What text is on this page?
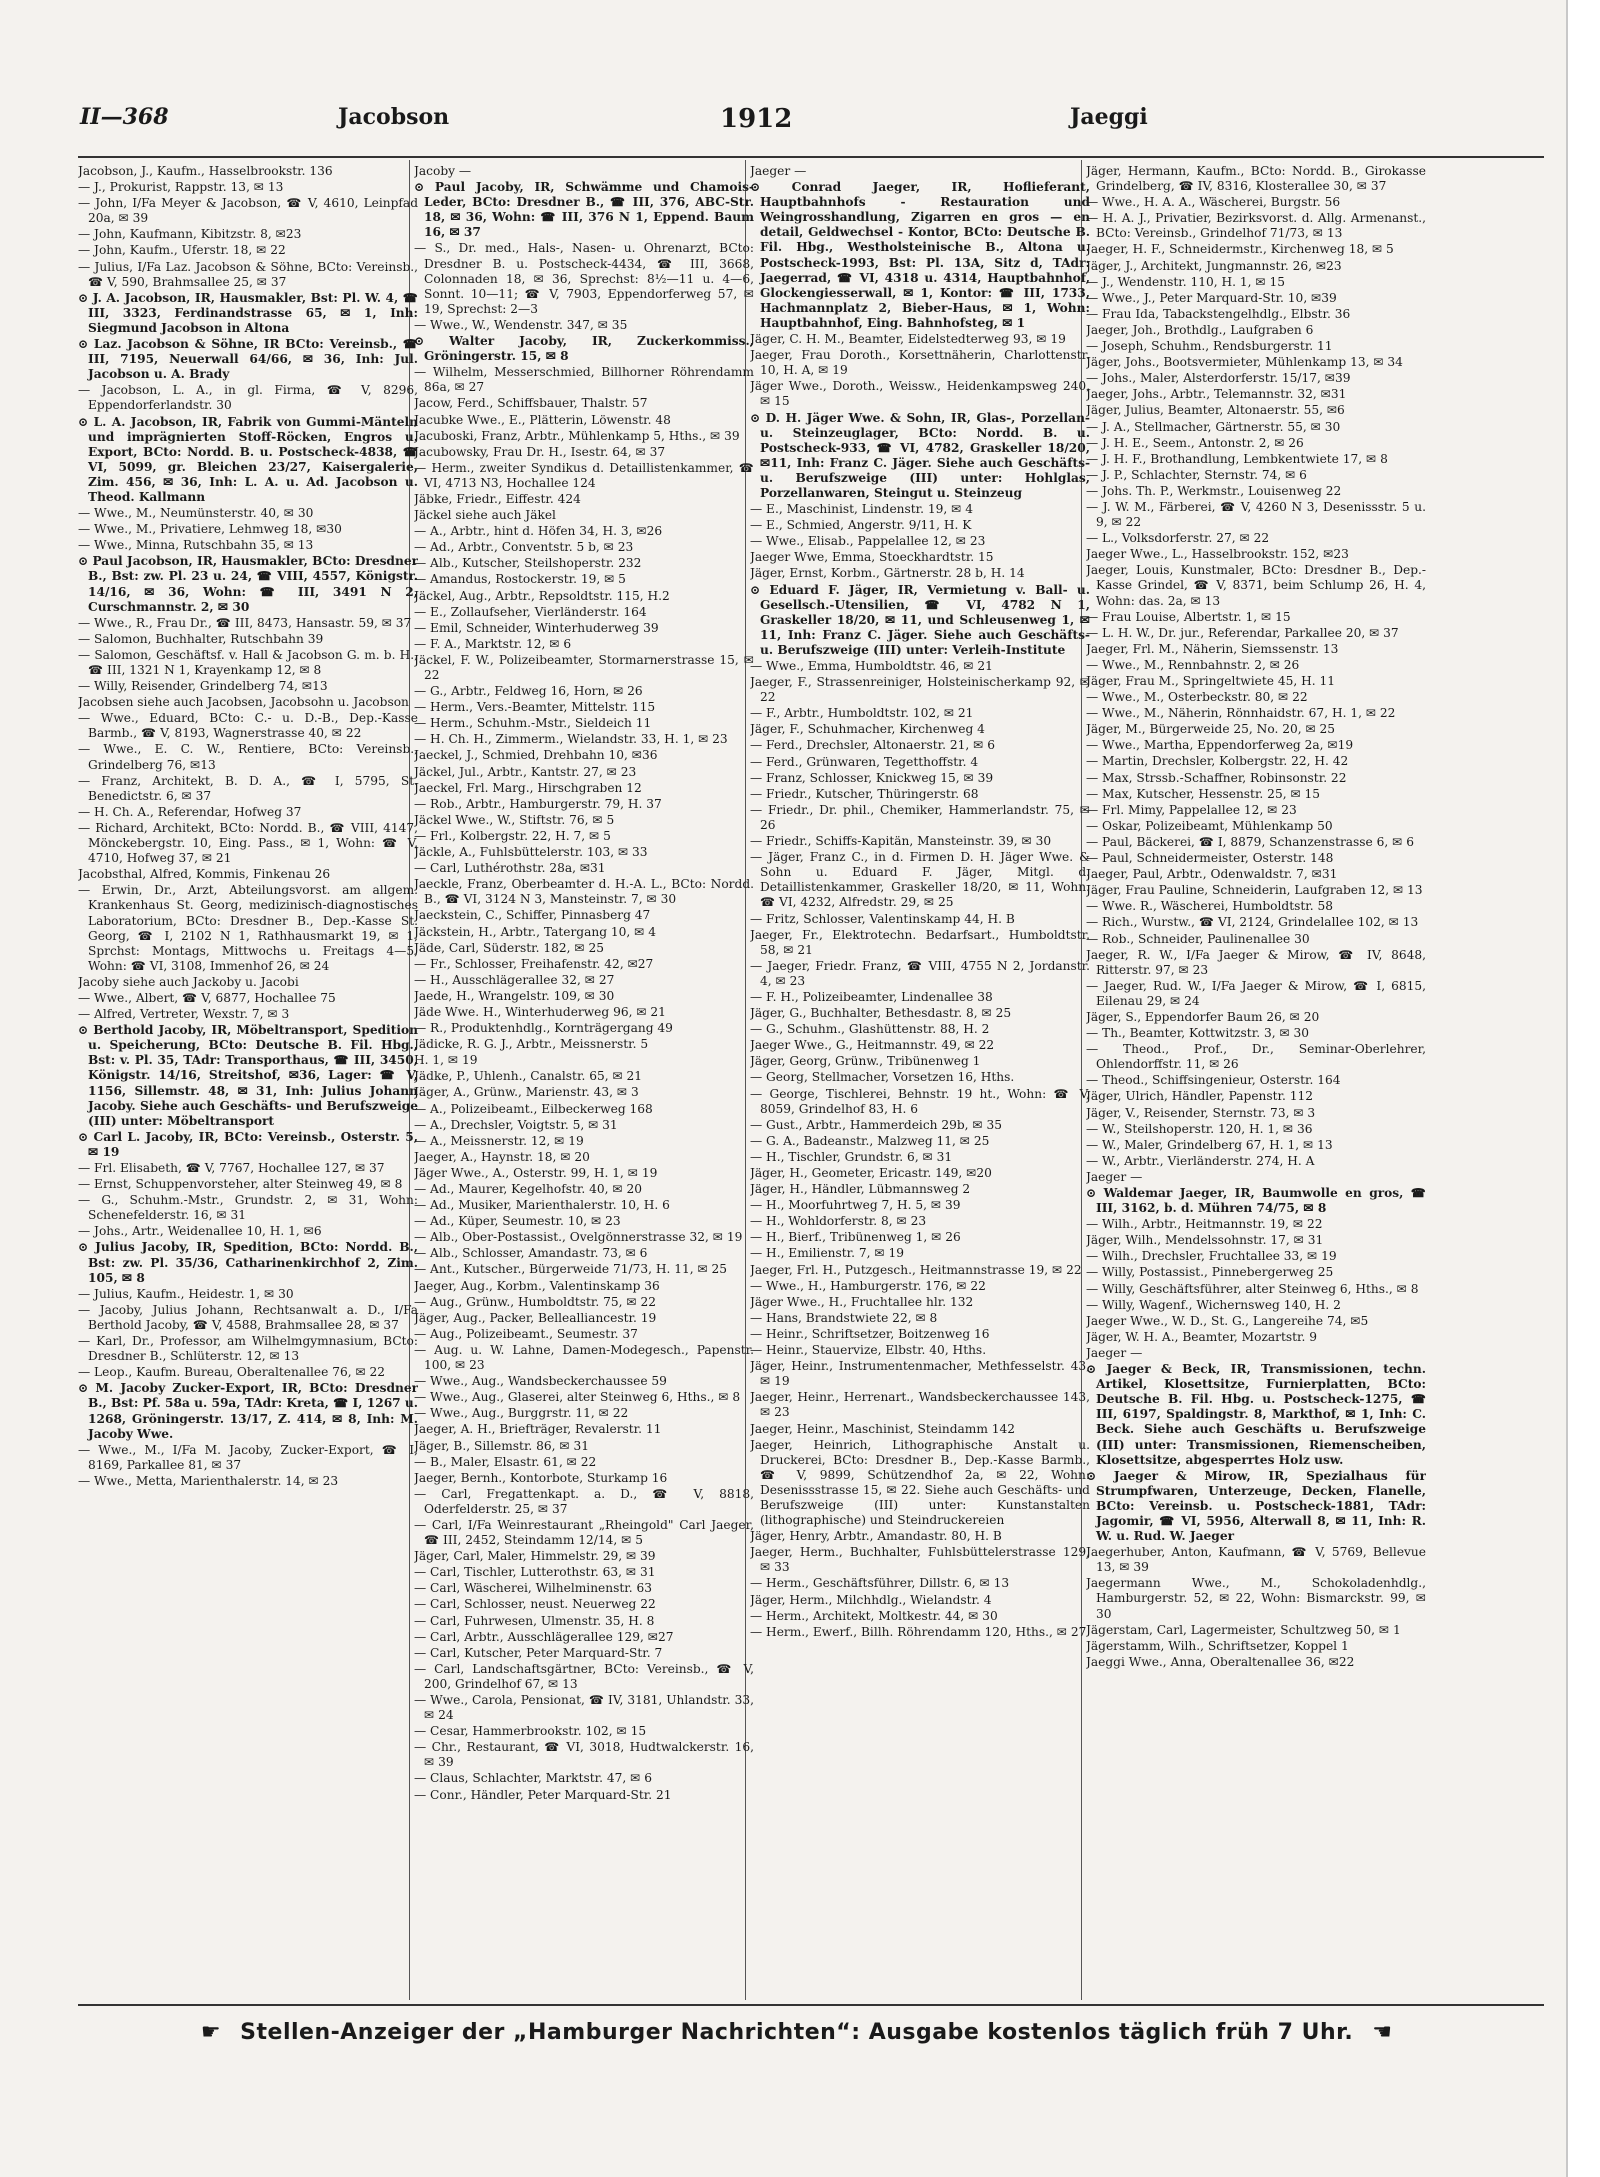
II—368	Jacobson	1912	Jaeggi
Jacobson, J., Kaufm., Hasselbrookstr. 136
— J., Prokurist, Rappstr. 13, ✉ 13
— John, I/Fa Meyer & Jacobson, ☎ V, 4610, Leinpfad 20a, ✉ 39
— John, Kaufmann, Kibitzstr. 8, ✉23
— John, Kaufm., Uferstr. 18, ✉ 22
— Julius, I/Fa Laz. Jacobson & Söhne, BCto: Vereinsb., ☎ V, 590, Brahmsallee 25, ✉ 37
⊙ J. A. Jacobson, IR, Hausmakler, Bst: Pl. W. 4, ☎ III, 3323, Ferdinandstrasse 65, ✉ 1, Inh: Siegmund Jacobson in Altona
⊙ Laz. Jacobson & Söhne, IR BCto: Vereinsb., ☎ III, 7195, Neuerwall 64/66, ✉ 36, Inh: Jul. Jacobson u. A. Brady
— Jacobson, L. A., in gl. Firma, ☎ V, 8296, Eppendorferlandstr. 30
⊙ L. A. Jacobson, IR, Fabrik von Gummi-Mänteln und imprägnierten Stoff-Röcken, Engros u. Export, BCto: Nordd. B. u. Postscheck-4838, ☎ VI, 5099, gr. Bleichen 23/27, Kaisergalerie, Zim. 456, ✉ 36, Inh: L. A. u. Ad. Jacobson u. Theod. Kallmann
— Wwe., M., Neumünsterstr. 40, ✉ 30
— Wwe., M., Privatiere, Lehmweg 18, ✉30
— Wwe., Minna, Rutschbahn 35, ✉ 13
⊙ Paul Jacobson, IR, Hausmakler, BCto: Dresdner B., Bst: zw. Pl. 23 u. 24, ☎ VIII, 4557, Königstr. 14/16, ✉ 36, Wohn: ☎ III, 3491 N 2, Curschmannstr. 2, ✉ 30
— Wwe., R., Frau Dr., ☎ III, 8473, Hansastr. 59, ✉ 37
— Salomon, Buchhalter, Rutschbahn 39
— Salomon, Geschäftsf. v. Hall & Jacobson G. m. b. H., ☎ III, 1321 N 1, Krayenkamp 12, ✉ 8
— Willy, Reisender, Grindelberg 74, ✉13
Jacobsen siehe auch Jacobsen, Jacobsohn u. Jacobson
— Wwe., Eduard, BCto: C.- u. D.-B., Dep.-Kasse Barmb., ☎ V, 8193, Wagnerstrasse 40, ✉ 22
— Wwe., E. C. W., Rentiere, BCto: Vereinsb., Grindelberg 76, ✉13
— Franz, Architekt, B. D. A., ☎ I, 5795, St. Benedictstr. 6, ✉ 37
— H. Ch. A., Referendar, Hofweg 37
— Richard, Architekt, BCto: Nordd. B., ☎ VIII, 4147, Mönckebergstr. 10, Eing. Pass., ✉ 1, Wohn: ☎ V, 4710, Hofweg 37, ✉ 21
Jacobsthal, Alfred, Kommis, Finkenau 26
— Erwin, Dr., Arzt, Abteilungsvorst. am allgem. Krankenhaus St. Georg, medizinisch-diagnostisches Laboratorium, BCto: Dresdner B., Dep.-Kasse St. Georg, ☎ I, 2102 N 1, Rathhausmarkt 19, ✉ 1, Sprchst: Montags, Mittwochs u. Freitags 4—5, Wohn: ☎ VI, 3108, Immenhof 26, ✉ 24
Jacoby siehe auch Jackoby u. Jacobi
— Wwe., Albert, ☎ V, 6877, Hochallee 75
— Alfred, Vertreter, Wexstr. 7, ✉ 3
⊙ Berthold Jacoby, IR, Möbeltransport, Spedition u. Speicherung, BCto: Deutsche B. Fil. Hbg., Bst: v. Pl. 35, TAdr: Transporthaus, ☎ III, 3450, Königstr. 14/16, Streitshof, ✉36, Lager: ☎ V, 1156, Sillemstr. 48, ✉ 31, Inh: Julius Johann Jacoby. Siehe auch Geschäfts- und Berufszweige (III) unter: Möbeltransport
⊙ Carl L. Jacoby, IR, BCto: Vereinsb., Osterstr. 5, ✉ 19
— Frl. Elisabeth, ☎ V, 7767, Hochallee 127, ✉ 37
— Ernst, Schuppenvorsteher, alter Steinweg 49, ✉ 8
— G., Schuhm.-Mstr., Grundstr. 2, ✉ 31, Wohn: Schenefelderstr. 16, ✉ 31
— Johs., Artr., Weidenallee 10, H. 1, ✉6
⊙ Julius Jacoby, IR, Spedition, BCto: Nordd. B., Bst: zw. Pl. 35/36, Catharinenkirchhof 2, Zim. 105, ✉ 8
— Julius, Kaufm., Heidestr. 1, ✉ 30
— Jacoby, Julius Johann, Rechtsanwalt a. D., I/Fa Berthold Jacoby, ☎ V, 4588, Brahmsallee 28, ✉ 37
— Karl, Dr., Professor, am Wilhelmgymnasium, BCto: Dresdner B., Schlüterstr. 12, ✉ 13
— Leop., Kaufm. Bureau, Oberaltenallee 76, ✉ 22
⊙ M. Jacoby Zucker-Export, IR, BCto: Dresdner B., Bst: Pf. 58a u. 59a, TAdr: Kreta, ☎ I, 1267 u. 1268, Gröningerstr. 13/17, Z. 414, ✉ 8, Inh: M. Jacoby Wwe.
— Wwe., M., I/Fa M. Jacoby, Zucker-Export, ☎ I, 8169, Parkallee 81, ✉ 37
— Wwe., Metta, Marienthalerstr. 14, ✉ 23
Jacoby —
⊙ Paul Jacoby, IR, Schwämme und Chamois-Leder, BCto: Dresdner B., ☎ III, 376, ABC-Str. 18, ✉ 36, Wohn: ☎ III, 376 N 1, Eppend. Baum 16, ✉ 37
— S., Dr. med., Hals-, Nasen- u. Ohrenarzt, BCto: Dresdner B. u. Postscheck-4434, ☎ III, 3668, Colonnaden 18, ✉ 36, Sprechst: 8½—11 u. 4—6, Sonnt. 10—11; ☎ V, 7903, Eppendorferweg 57, ✉ 19, Sprechst: 2—3
— Wwe., W., Wendenstr. 347, ✉ 35
⊙ Walter Jacoby, IR, Zuckerkommiss., Gröningerstr. 15, ✉ 8
— Wilhelm, Messerschmied, Billhorner Röhrendamm 86a, ✉ 27
Jacow, Ferd., Schiffsbauer, Thalstr. 57
Jacubke Wwe., E., Plätterin, Löwenstr. 48
Jacuboski, Franz, Arbtr., Mühlenkamp 5, Hths., ✉ 39
Jacubowsky, Frau Dr. H., Isestr. 64, ✉ 37
— Herm., zweiter Syndikus d. Detaillistenkammer, ☎ VI, 4713 N3, Hochallee 124
Jäbke, Friedr., Eiffestr. 424
Jäckel siehe auch Jäkel
— A., Arbtr., hint d. Höfen 34, H. 3, ✉26
— Ad., Arbtr., Conventstr. 5 b, ✉ 23
— Alb., Kutscher, Steilshoperstr. 232
— Amandus, Rostockerstr. 19, ✉ 5
Jäckel, Aug., Arbtr., Repsoldtstr. 115, H.2
— E., Zollaufseher, Vierländerstr. 164
— Emil, Schneider, Winterhuderweg 39
— F. A., Marktstr. 12, ✉ 6
Jäckel, F. W., Polizeibeamter, Stormarnerstrasse 15, ✉ 22
— G., Arbtr., Feldweg 16, Horn, ✉ 26
— Herm., Vers.-Beamter, Mittelstr. 115
— Herm., Schuhm.-Mstr., Sieldeich 11
— H. Ch. H., Zimmerm., Wielandstr. 33, H. 1, ✉ 23
Jaeckel, J., Schmied, Drehbahn 10, ✉36
Jäckel, Jul., Arbtr., Kantstr. 27, ✉ 23
Jaeckel, Frl. Marg., Hirschgraben 12
— Rob., Arbtr., Hamburgerstr. 79, H. 37
Jäckel Wwe., W., Stiftstr. 76, ✉ 5
— Frl., Kolbergstr. 22, H. 7, ✉ 5
Jäckle, A., Fuhlsbüttelerstr. 103, ✉ 33
— Carl, Luthérothstr. 28a, ✉31
Jaeckle, Franz, Oberbeamter d. H.-A. L., BCto: Nordd. B., ☎ VI, 3124 N 3, Mansteinstr. 7, ✉ 30
Jaeckstein, C., Schiffer, Pinnasberg 47
Jäckstein, H., Arbtr., Tatergang 10, ✉ 4
Jäde, Carl, Süderstr. 182, ✉ 25
— Fr., Schlosser, Freihafenstr. 42, ✉27
— H., Ausschlägerallee 32, ✉ 27
Jaede, H., Wrangelstr. 109, ✉ 30
Jäde Wwe. H., Winterhuderweg 96, ✉ 21
— R., Produktenhdlg., Kornträgergang 49
Jädicke, R. G. J., Arbtr., Meissnerstr. 5
H. 1, ✉ 19
Jädke, P., Uhlenh., Canalstr. 65, ✉ 21
Jäger, A., Grünw., Marienstr. 43, ✉ 3
— A., Polizeibeamt., Eilbeckerweg 168
— A., Drechsler, Voigtstr. 5, ✉ 31
— A., Meissnerstr. 12, ✉ 19
Jaeger, A., Haynstr. 18, ✉ 20
Jäger Wwe., A., Osterstr. 99, H. 1, ✉ 19
— Ad., Maurer, Kegelhofstr. 40, ✉ 20
— Ad., Musiker, Marienthalerstr. 10, H. 6
— Ad., Küper, Seumestr. 10, ✉ 23
— Alb., Ober-Postassist., Ovelgönnerstrasse 32, ✉ 19
— Alb., Schlosser, Amandastr. 73, ✉ 6
— Ant., Kutscher., Bürgerweide 71/73, H. 11, ✉ 25
Jaeger, Aug., Korbm., Valentinskamp 36
— Aug., Grünw., Humboldtstr. 75, ✉ 22
Jäger, Aug., Packer, Bellealliancestr. 19
— Aug., Polizeibeamt., Seumestr. 37
— Aug. u. W. Lahne, Damen-Modegesch., Papenstr. 100, ✉ 23
— Wwe., Aug., Wandsbeckerchaussee 59
— Wwe., Aug., Glaserei, alter Steinweg 6, Hths., ✉ 8
— Wwe., Aug., Burggrstr. 11, ✉ 22
Jaeger, A. H., Briefträger, Revalerstr. 11
Jäger, B., Sillemstr. 86, ✉ 31
— B., Maler, Elsastr. 61, ✉ 22
Jaeger, Bernh., Kontorbote, Sturkamp 16
— Carl, Fregattenkapt. a. D., ☎ V, 8818, Oderfelderstr. 25, ✉ 37
— Carl, I/Fa Weinrestaurant „Rheingold" Carl Jaeger, ☎ III, 2452, Steindamm 12/14, ✉ 5
Jäger, Carl, Maler, Himmelstr. 29, ✉ 39
— Carl, Tischler, Lutterothstr. 63, ✉ 31
— Carl, Wäscherei, Wilhelminenstr. 63
— Carl, Schlosser, neust. Neuerweg 22
— Carl, Fuhrwesen, Ulmenstr. 35, H. 8
— Carl, Arbtr., Ausschlägerallee 129, ✉27
— Carl, Kutscher, Peter Marquard-Str. 7
— Carl, Landschaftsgärtner, BCto: Vereinsb., ☎ V, 200, Grindelhof 67, ✉ 13
— Wwe., Carola, Pensionat, ☎ IV, 3181, Uhlandstr. 33, ✉ 24
— Cesar, Hammerbrookstr. 102, ✉ 15
— Chr., Restaurant, ☎ VI, 3018, Hudtwalckerstr. 16, ✉ 39
— Claus, Schlachter, Marktstr. 47, ✉ 6
— Conr., Händler, Peter Marquard-Str. 21
Jaeger —
⊙ Conrad Jaeger, IR, Hoflieferant, Hauptbahnhofs - Restauration und Weingrosshandlung, Zigarren en gros — en detail, Geldwechsel - Kontor, BCto: Deutsche B. Fil. Hbg., Westholsteinische B., Altona u. Postscheck-1993, Bst: Pl. 13A, Sitz d, TAdr: Jaegerrad, ☎ VI, 4318 u. 4314, Hauptbahnhof, Glockengiesserwall, ✉ 1, Kontor: ☎ III, 1733, Hachmannplatz 2, Bieber-Haus, ✉ 1, Wohn: Hauptbahnhof, Eing. Bahnhofsteg, ✉ 1
Jäger, C. H. M., Beamter, Eidelstedterweg 93, ✉ 19
Jaeger, Frau Doroth., Korsettnäherin, Charlottenstr. 10, H. A, ✉ 19
Jäger Wwe., Doroth., Weissw., Heidenkampsweg 240, ✉ 15
⊙ D. H. Jäger Wwe. & Sohn, IR, Glas-, Porzellan- u. Steinzeuglager, BCto: Nordd. B. u. Postscheck-933, ☎ VI, 4782, Graskeller 18/20, ✉11, Inh: Franz C. Jäger. Siehe auch Geschäfts- u. Berufszweige (III) unter: Hohlglas, Porzellanwaren, Steingut u. Steinzeug
— E., Maschinist, Lindenstr. 19, ✉ 4
— E., Schmied, Angerstr. 9/11, H. K
— Wwe., Elisab., Pappelallee 12, ✉ 23
Jaeger Wwe, Emma, Stoeckhardtstr. 15
Jäger, Ernst, Korbm., Gärtnerstr. 28 b, H. 14
⊙ Eduard F. Jäger, IR, Vermietung v. Ball- u. Gesellsch.-Utensilien, ☎ VI, 4782 N 1, Graskeller 18/20, ✉ 11, und Schleusenweg 1, ✉ 11, Inh: Franz C. Jäger. Siehe auch Geschäfts- u. Berufszweige (III) unter: Verleih-Institute
— Wwe., Emma, Humboldtstr. 46, ✉ 21
Jaeger, F., Strassenreiniger, Holsteinischerkamp 92, ✉ 22
— F., Arbtr., Humboldtstr. 102, ✉ 21
Jäger, F., Schuhmacher, Kirchenweg 4
— Ferd., Drechsler, Altonaerstr. 21, ✉ 6
— Ferd., Grünwaren, Tegetthoffstr. 4
— Franz, Schlosser, Knickweg 15, ✉ 39
— Friedr., Kutscher, Thüringerstr. 68
— Friedr., Dr. phil., Chemiker, Hammerlandstr. 75, ✉ 26
— Friedr., Schiffs-Kapitän, Mansteinstr. 39, ✉ 30
— Jäger, Franz C., in d. Firmen D. H. Jäger Wwe. & Sohn u. Eduard F. Jäger, Mitgl. d. Detaillistenkammer, Graskeller 18/20, ✉ 11, Wohn. ☎ VI, 4232, Alfredstr. 29, ✉ 25
— Fritz, Schlosser, Valentinskamp 44, H. B
Jaeger, Fr., Elektrotechn. Bedarfsart., Humboldtstr. 58, ✉ 21
— Jaeger, Friedr. Franz, ☎ VIII, 4755 N 2, Jordanstr. 4, ✉ 23
— F. H., Polizeibeamter, Lindenallee 38
Jäger, G., Buchhalter, Bethesdastr. 8, ✉ 25
— G., Schuhm., Glashüttenstr. 88, H. 2
Jaeger Wwe., G., Heitmannstr. 49, ✉ 22
Jäger, Georg, Grünw., Tribünenweg 1
— Georg, Stellmacher, Vorsetzen 16, Hths.
— George, Tischlerei, Behnstr. 19 ht., Wohn: ☎ V, 8059, Grindelhof 83, H. 6
— Gust., Arbtr., Hammerdeich 29b, ✉ 35
— G. A., Badeanstr., Malzweg 11, ✉ 25
— H., Tischler, Grundstr. 6, ✉ 31
Jäger, H., Geometer, Ericastr. 149, ✉20
Jäger, H., Händler, Lübmannsweg 2
— H., Moorfuhrtweg 7, H. 5, ✉ 39
— H., Wohldorferstr. 8, ✉ 23
— H., Bierf., Tribünenweg 1, ✉ 26
— H., Emilienstr. 7, ✉ 19
Jaeger, Frl. H., Putzgesch., Heitmannstrasse 19, ✉ 22
— Wwe., H., Hamburgerstr. 176, ✉ 22
Jäger Wwe., H., Fruchtallee hlr. 132
— Hans, Brandstwiete 22, ✉ 8
— Heinr., Schriftsetzer, Boitzenweg 16
— Heinr., Stauervize, Elbstr. 40, Hths.
Jäger, Heinr., Instrumentenmacher, Methfesselstr. 43, ✉ 19
Jaeger, Heinr., Herrenart., Wandsbeckerchaussee 143, ✉ 23
Jaeger, Heinr., Maschinist, Steindamm 142
Jaeger, Heinrich, Lithographische Anstalt u. Druckerei, BCto: Dresdner B., Dep.-Kasse Barmb., ☎ V, 9899, Schützendhof 2a, ✉ 22, Wohn: Desenissstrasse 15, ✉ 22. Siehe auch Geschäfts- und Berufszweige (III) unter: Kunstanstalten (lithographische) und Steindruckereien
Jäger, Henry, Arbtr., Amandastr. 80, H. B
Jaeger, Herm., Buchhalter, Fuhlsbüttelerstrasse 129, ✉ 33
— Herm., Geschäftsführer, Dillstr. 6, ✉ 13
Jäger, Herm., Milchhdlg., Wielandstr. 4
— Herm., Architekt, Moltkestr. 44, ✉ 30
— Herm., Ewerf., Billh. Röhrendamm 120, Hths., ✉ 27
Jäger, Hermann, Kaufm., BCto: Nordd. B., Girokasse Grindelberg, ☎ IV, 8316, Klosterallee 30, ✉ 37
— Wwe., H. A. A., Wäscherei, Burgstr. 56
— H. A. J., Privatier, Bezirksvorst. d. Allg. Armenanst., BCto: Vereinsb., Grindelhof 71/73, ✉ 13
Jaeger, H. F., Schneidermstr., Kirchenweg 18, ✉ 5
Jäger, J., Architekt, Jungmannstr. 26, ✉23
— J., Wendenstr. 110, H. 1, ✉ 15
— Wwe., J., Peter Marquard-Str. 10, ✉39
— Frau Ida, Tabackstengelhdlg., Elbstr. 36
Jaeger, Joh., Brothdlg., Laufgraben 6
— Joseph, Schuhm., Rendsburgerstr. 11
Jäger, Johs., Bootsvermieter, Mühlenkamp 13, ✉ 34
— Johs., Maler, Alsterdorferstr. 15/17, ✉39
Jaeger, Johs., Arbtr., Telemannstr. 32, ✉31
Jäger, Julius, Beamter, Altonaerstr. 55, ✉6
— J. A., Stellmacher, Gärtnerstr. 55, ✉ 30
— J. H. E., Seem., Antonstr. 2, ✉ 26
— J. H. F., Brothandlung, Lembkentwiete 17, ✉ 8
— J. P., Schlachter, Sternstr. 74, ✉ 6
— Johs. Th. P., Werkmstr., Louisenweg 22
— J. W. M., Färberei, ☎ V, 4260 N 3, Desenissstr. 5 u. 9, ✉ 22
— L., Volksdorferstr. 27, ✉ 22
Jaeger Wwe., L., Hasselbrookstr. 152, ✉23
Jaeger, Louis, Kunstmaler, BCto: Dresdner B., Dep.-Kasse Grindel, ☎ V, 8371, beim Schlump 26, H. 4, Wohn: das. 2a, ✉ 13
— Frau Louise, Albertstr. 1, ✉ 15
— L. H. W., Dr. jur., Referendar, Parkallee 20, ✉ 37
Jaeger, Frl. M., Näherin, Siemssenstr. 13
— Wwe., M., Rennbahnstr. 2, ✉ 26
Jäger, Frau M., Springeltwiete 45, H. 11
— Wwe., M., Osterbeckstr. 80, ✉ 22
— Wwe., M., Näherin, Rönnhaidstr. 67, H. 1, ✉ 22
Jäger, M., Bürgerweide 25, No. 20, ✉ 25
— Wwe., Martha, Eppendorferweg 2a, ✉19
— Martin, Drechsler, Kolbergstr. 22, H. 42
— Max, Strssb.-Schaffner, Robinsonstr. 22
— Max, Kutscher, Hessenstr. 25, ✉ 15
— Frl. Mimy, Pappelallee 12, ✉ 23
— Oskar, Polizeibeamt, Mühlenkamp 50
— Paul, Bäckerei, ☎ I, 8879, Schanzenstrasse 6, ✉ 6
— Paul, Schneidermeister, Osterstr. 148
Jaeger, Paul, Arbtr., Odenwaldstr. 7, ✉31
Jäger, Frau Pauline, Schneiderin, Laufgraben 12, ✉ 13
— Wwe. R., Wäscherei, Humboldtstr. 58
— Rich., Wurstw., ☎ VI, 2124, Grindelallee 102, ✉ 13
— Rob., Schneider, Paulinenallee 30
Jaeger, R. W., I/Fa Jaeger & Mirow, ☎ IV, 8648, Ritterstr. 97, ✉ 23
— Jaeger, Rud. W., I/Fa Jaeger & Mirow, ☎ I, 6815, Eilenau 29, ✉ 24
Jäger, S., Eppendorfer Baum 26, ✉ 20
— Th., Beamter, Kottwitzstr. 3, ✉ 30
— Theod., Prof., Dr., Seminar-Oberlehrer, Ohlendorffstr. 11, ✉ 26
— Theod., Schiffsingenieur, Osterstr. 164
Jäger, Ulrich, Händler, Papenstr. 112
Jäger, V., Reisender, Sternstr. 73, ✉ 3
— W., Steilshoperstr. 120, H. 1, ✉ 36
— W., Maler, Grindelberg 67, H. 1, ✉ 13
— W., Arbtr., Vierländerstr. 274, H. A
Jaeger —
⊙ Waldemar Jaeger, IR, Baumwolle en gros, ☎ III, 3162, b. d. Mühren 74/75, ✉ 8
— Wilh., Arbtr., Heitmannstr. 19, ✉ 22
Jäger, Wilh., Mendelssohnstr. 17, ✉ 31
— Wilh., Drechsler, Fruchtallee 33, ✉ 19
— Willy, Postassist., Pinnebergerweg 25
— Willy, Geschäftsführer, alter Steinweg 6, Hths., ✉ 8
— Willy, Wagenf., Wichernsweg 140, H. 2
Jaeger Wwe., W. D., St. G., Langereihe 74, ✉5
Jäger, W. H. A., Beamter, Mozartstr. 9
Jaeger —
⊙ Jaeger & Beck, IR, Transmissionen, techn. Artikel, Klosettsitze, Furnierplatten, BCto: Deutsche B. Fil. Hbg. u. Postscheck-1275, ☎ III, 6197, Spaldingstr. 8, Markthof, ✉ 1, Inh: C. Beck. Siehe auch Geschäfts u. Berufszweige (III) unter: Transmissionen, Riemenscheiben, Klosettsitze, abgesperrtes Holz usw.
⊙ Jaeger & Mirow, IR, Spezialhaus für Strumpfwaren, Unterzeuge, Decken, Flanelle, BCto: Vereinsb. u. Postscheck-1881, TAdr: Jagomir, ☎ VI, 5956, Alterwall 8, ✉ 11, Inh: R. W. u. Rud. W. Jaeger
Jaegerhuber, Anton, Kaufmann, ☎ V, 5769, Bellevue 13, ✉ 39
Jaegermann Wwe., M., Schokoladenhdlg., Hamburgerstr. 52, ✉ 22, Wohn: Bismarckstr. 99, ✉ 30
Jägerstam, Carl, Lagermeister, Schultzweg 50, ✉ 1
Jägerstamm, Wilh., Schriftsetzer, Koppel 1
Jaeggi Wwe., Anna, Oberaltenallee 36, ✉22
☛ Stellen-Anzeiger der „Hamburger Nachrichten“: Ausgabe kostenlos täglich früh 7 Uhr. ☚
